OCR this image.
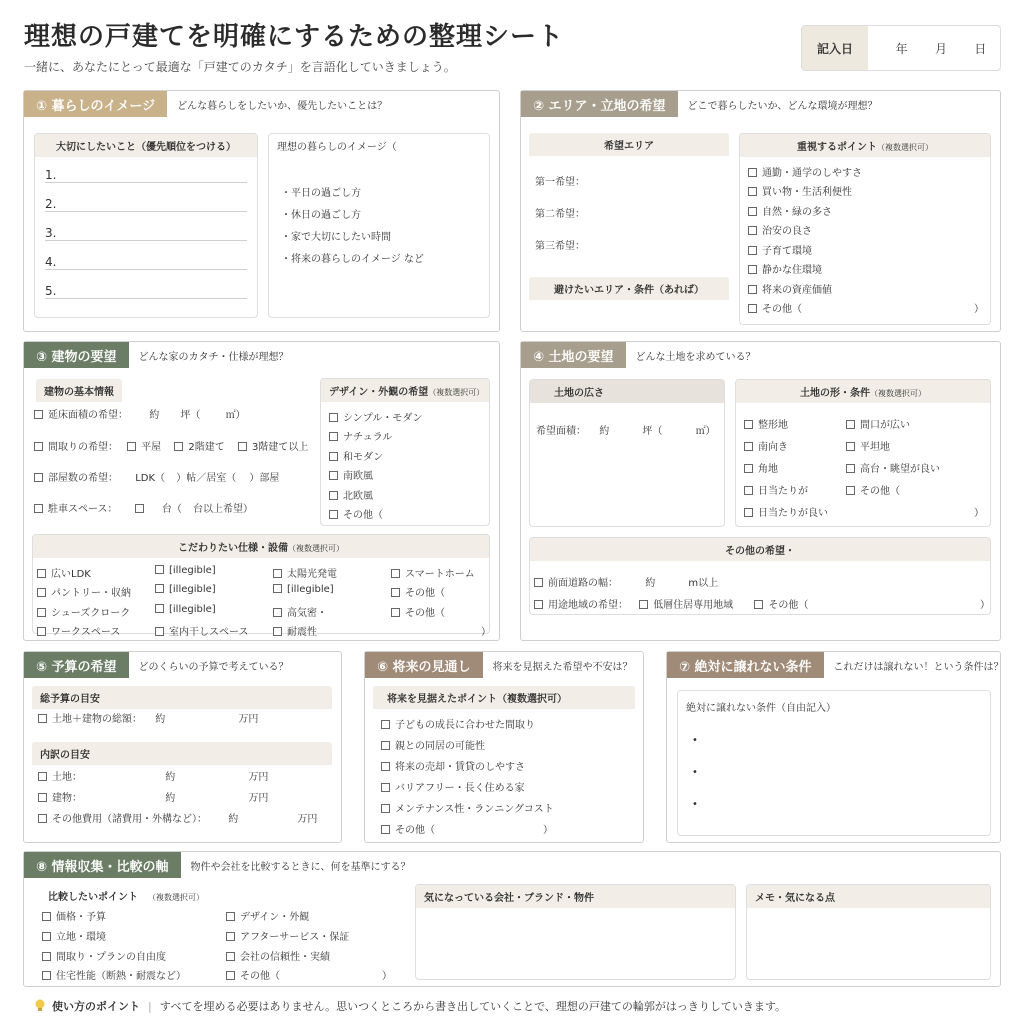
理想の戸建てを明確にするための整理シート
一緒に、あなたにとって最適な「戸建てのカタチ」を言語化していきましょう。
記入日	年 月 日
① 暮らしのイメージ	どんな暮らしをしたいか、優先したいことは？
大切にしたいこと（優先順位をつける）
1.
2.
3.
4.
5.
理想の暮らしのイメージ（
・平日の過ごし方
・休日の過ごし方
・家で大切にしたい時間
・将来の暮らしのイメージ など
② エリア・立地の希望	どこで暮らしたいか、どんな環境が理想？
希望エリア
第一希望：
第二希望：
第三希望：
避けたいエリア・条件（あれば）
重視するポイント（複数選択可）
通勤・通学のしやすさ
買い物・生活利便性
自然・緑の多さ
治安の良さ
子育て環境
静かな住環境
将来の資産価値
その他（	）
③ 建物の要望	どんな家のカタチ・仕様が理想？
建物の基本情報
延床面積の希望： 約 坪（	㎡）
間取りの希望： 平屋	2階建て	3階建て以上
部屋数の希望： LDK（ ）帖／居室（ ）部屋
駐車スペース：	台（ 台以上希望）
デザイン・外観の希望（複数選択可）
シンプル・モダン
ナチュラル
和モダン
南欧風
北欧風
その他（
こだわりたい仕様・設備（複数選択可）
広いLDK
パントリー・収納
シューズクローク
ワークスペース
[illegible]
[illegible]
[illegible]
室内干しスペース
太陽光発電
[illegible]
高気密・
耐震性
スマートホーム
その他（
その他（
）
④ 土地の要望	どんな土地を求めている？
土地の広さ
希望面積： 約	坪（	㎡）
土地の形・条件（複数選択可）
整形地
南向き
角地
日当たりが
日当たりが良い
間口が広い
平坦地
高台・眺望が良い
その他（
）
その他の希望・
前面道路の幅：	約	m以上
用途地域の希望：	低層住居専用地域	その他（	）
⑤ 予算の希望	どのくらいの予算で考えている？
総予算の目安
土地＋建物の総額： 約	万円
内訳の目安
土地：	約	万円
建物：	約	万円
その他費用（諸費用・外構など）： 約	万円
⑥ 将来の見通し	将来を見据えた希望や不安は？
将来を見据えたポイント（複数選択可）
子どもの成長に合わせた間取り
親との同居の可能性
将来の売却・賃貸のしやすさ
バリアフリー・長く住める家
メンテナンス性・ランニングコスト
その他（	）
⑦ 絶対に譲れない条件	これだけは譲れない！という条件は？
絶対に譲れない条件（自由記入）
•
•
•
⑧ 情報収集・比較の軸	物件や会社を比較するときに、何を基準にする？
比較したいポイント （複数選択可）
価格・予算
立地・環境
間取り・プランの自由度
住宅性能（断熱・耐震など）
デザイン・外観
アフターサービス・保証
会社の信頼性・実績
その他（	）
気になっている会社・ブランド・物件	メモ・気になる点
使い方のポイント | すべてを埋める必要はありません。思いつくところから書き出していくことで、理想の戸建ての輪郭がはっきりしていきます。
